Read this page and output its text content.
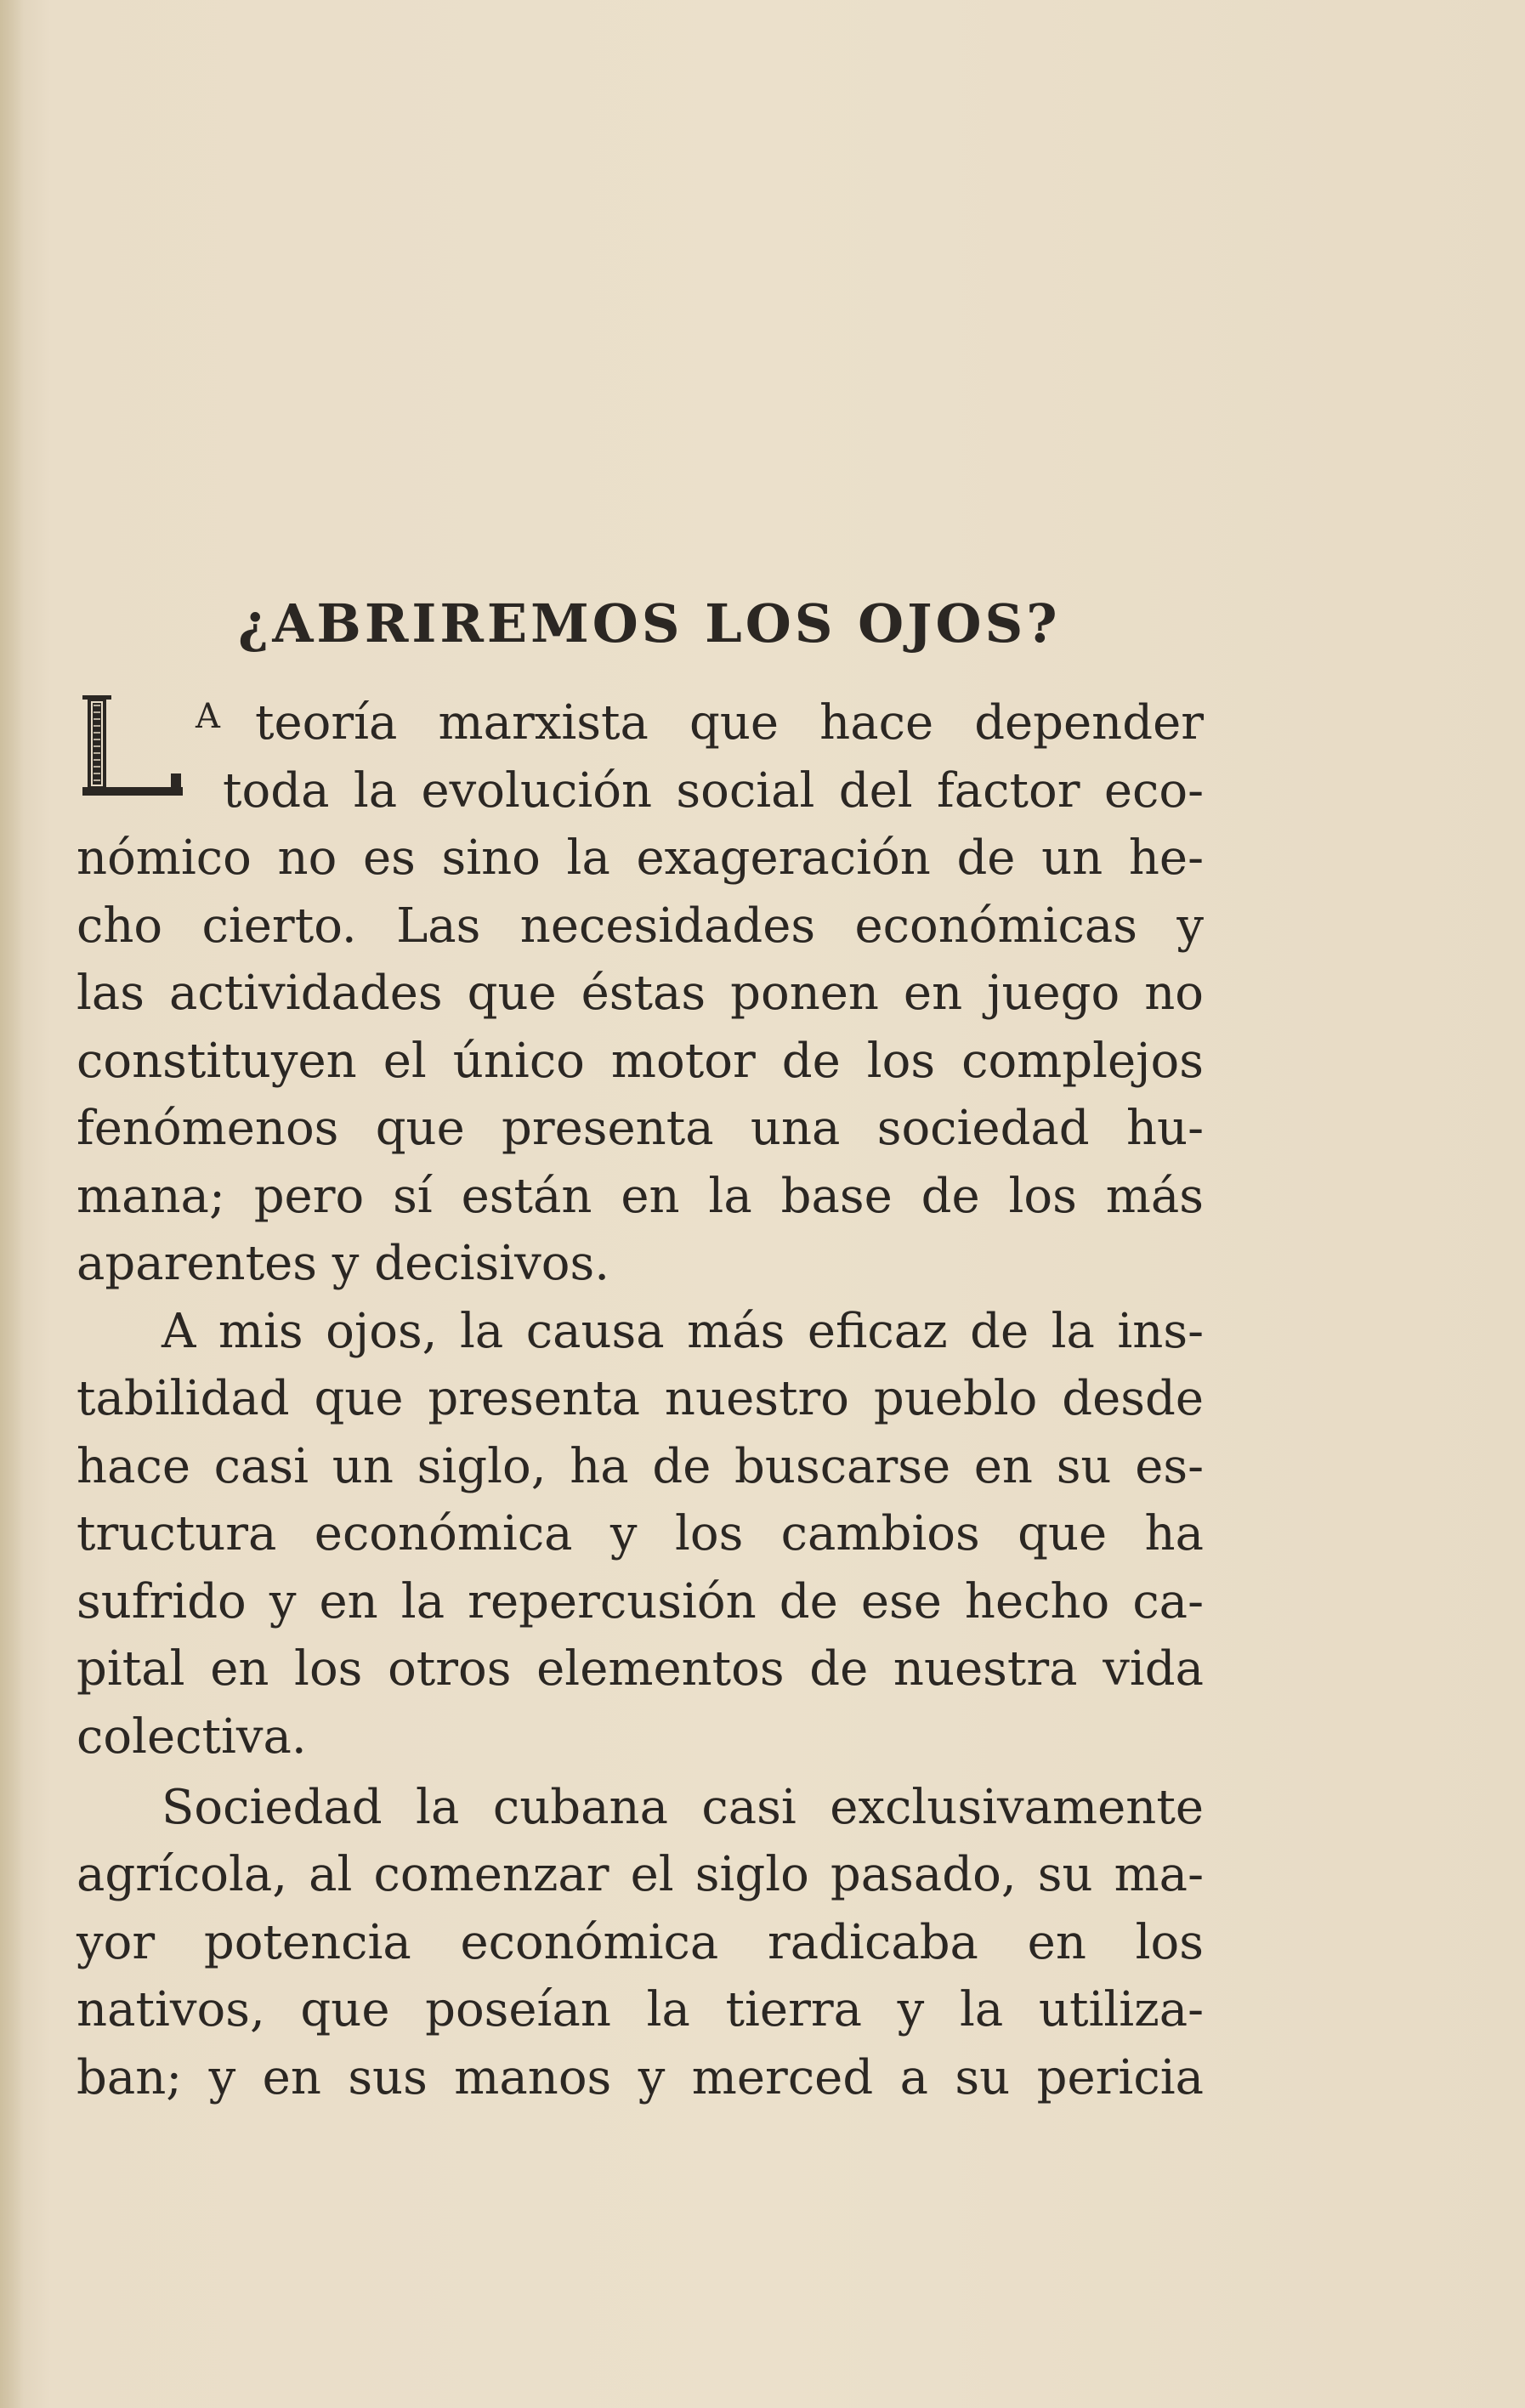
¿ABRIREMOS LOS OJOS?
A teoría marxista que hace depender
toda la evolución social del factor eco-
nómico no es sino la exageración de un he-
cho cierto. Las necesidades económicas y
las actividades que éstas ponen en juego no
constituyen el único motor de los complejos
fenómenos que presenta una sociedad hu-
mana; pero sí están en la base de los más
aparentes y decisivos.
A mis ojos, la causa más eficaz de la ins-
tabilidad que presenta nuestro pueblo desde
hace casi un siglo, ha de buscarse en su es-
tructura económica y los cambios que ha
sufrido y en la repercusión de ese hecho ca-
pital en los otros elementos de nuestra vida
colectiva.
Sociedad la cubana casi exclusivamente
agrícola, al comenzar el siglo pasado, su ma-
yor potencia económica radicaba en los
nativos, que poseían la tierra y la utiliza-
ban; y en sus manos y merced a su pericia
